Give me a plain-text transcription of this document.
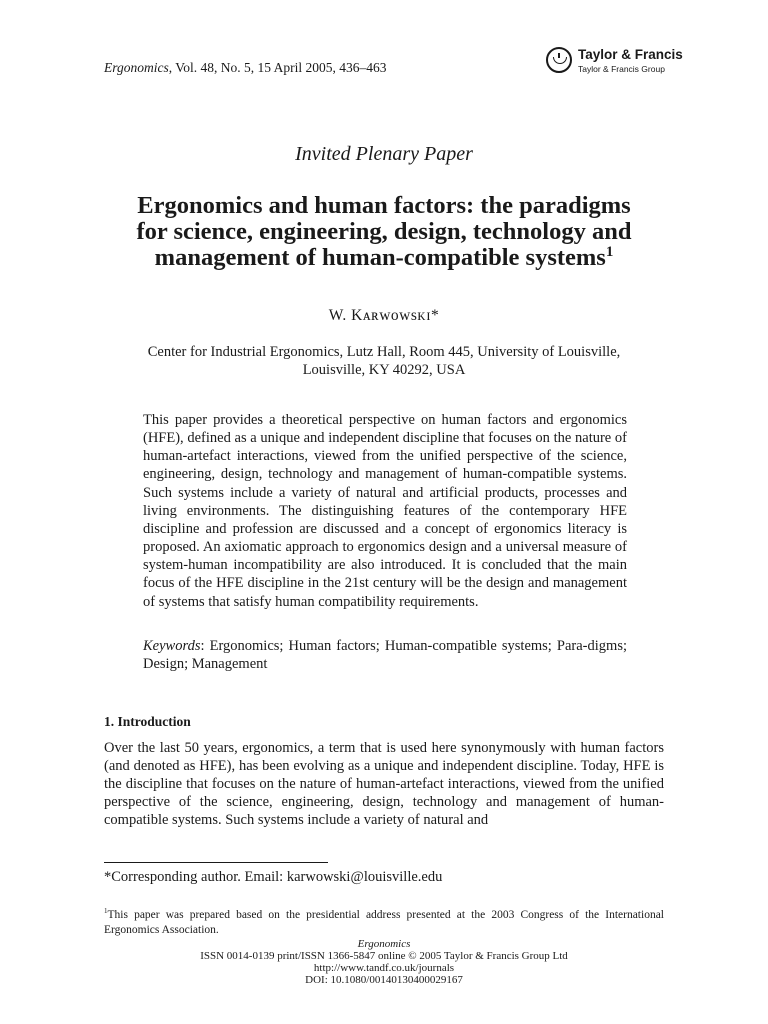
Ergonomics, Vol. 48, No. 5, 15 April 2005, 436–463
Taylor & Francis
Taylor & Francis Group
Invited Plenary Paper
Ergonomics and human factors: the paradigms
for science, engineering, design, technology and
management of human-compatible systems$^1$
W. Kᴀʀᴡᴏᴡsᴋɪ*
Center for Industrial Ergonomics, Lutz Hall, Room 445, University of Louisville,
Louisville, KY 40292, USA
This paper provides a theoretical perspective on human factors and ergonomics (HFE), defined as a unique and independent discipline that focuses on the nature of human-artefact interactions, viewed from the unified perspective of the science, engineering, design, technology and management of human-compatible systems. Such systems include a variety of natural and artificial products, processes and living environments. The distinguishing features of the contemporary HFE discipline and profession are discussed and a concept of ergonomics literacy is proposed. An axiomatic approach to ergonomics design and a universal measure of system-human incompatibility are also introduced. It is concluded that the main focus of the HFE discipline in the 21st century will be the design and management of systems that satisfy human compatibility requirements.
Keywords: Ergonomics; Human factors; Human-compatible systems; Para-digms; Design; Management
1. Introduction
Over the last 50 years, ergonomics, a term that is used here synonymously with human factors (and denoted as HFE), has been evolving as a unique and independent discipline. Today, HFE is the discipline that focuses on the nature of human-artefact interactions, viewed from the unified perspective of the science, engineering, design, technology and management of human-compatible systems. Such systems include a variety of natural and
*Corresponding author. Email: karwowski@louisville.edu
$^1$This paper was prepared based on the presidential address presented at the 2003 Congress of the International Ergonomics Association.
Ergonomics
ISSN 0014-0139 print/ISSN 1366-5847 online © 2005 Taylor & Francis Group Ltd
http://www.tandf.co.uk/journals
DOI: 10.1080/00140130400029167
